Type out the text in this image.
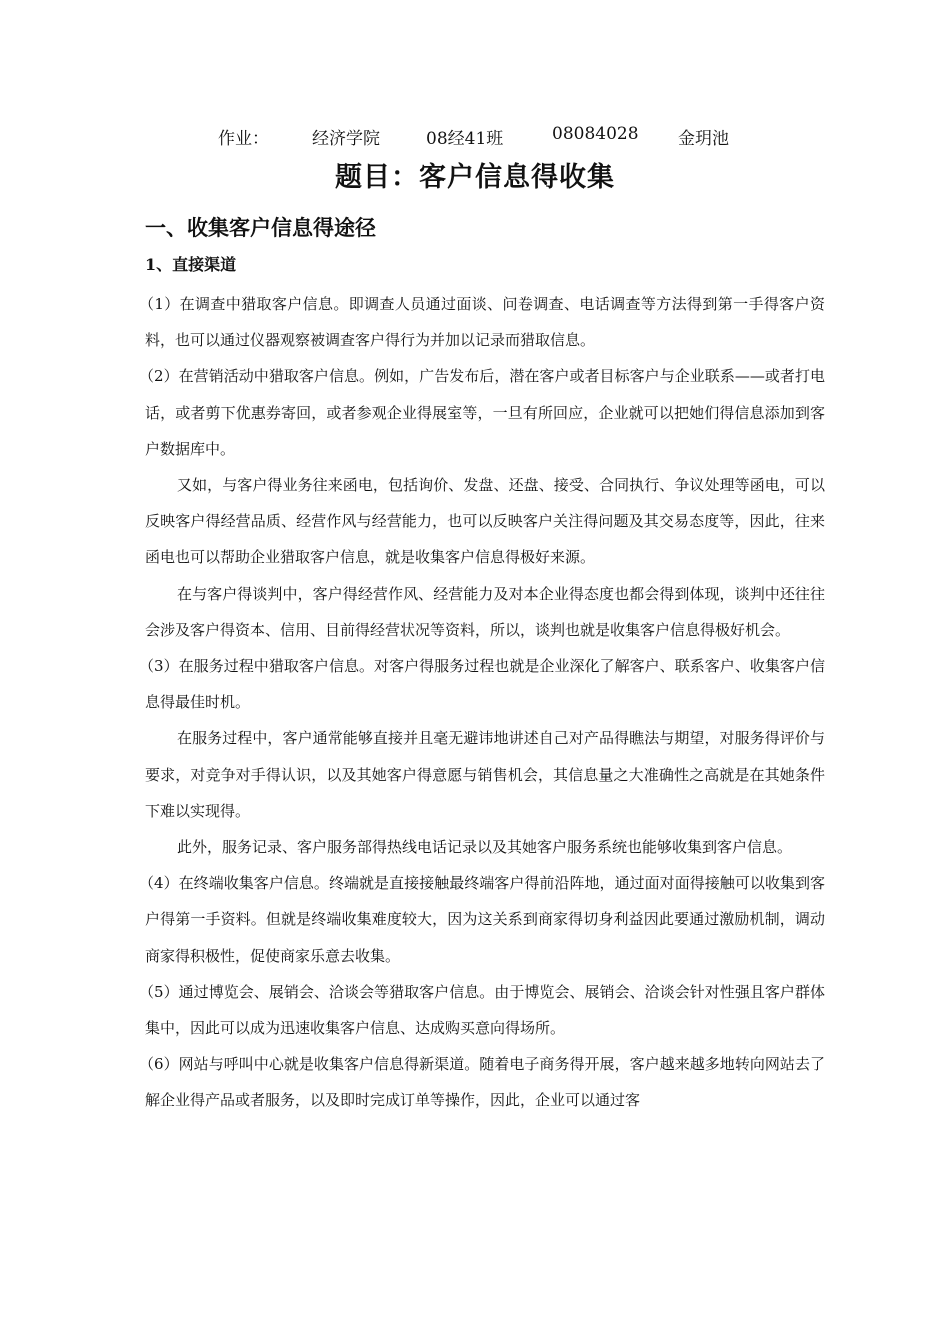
作业：	经济学院	08经41班	08084028 金玥池
题目：客户信息得收集
一、收集客户信息得途径
1、直接渠道

（1）在调查中猎取客户信息。即调查人员通过面谈、问卷调查、电话调查等方法得到第一手得客户资料，也可以通过仪器观察被调查客户得行为并加以记录而猎取信息。

（2）在营销活动中猎取客户信息。例如，广告发布后，潜在客户或者目标客户与企业联系——或者打电话，或者剪下优惠券寄回，或者参观企业得展室等，一旦有所回应，企业就可以把她们得信息添加到客户数据库中。

又如，与客户得业务往来函电，包括询价、发盘、还盘、接受、合同执行、争议处理等函电，可以反映客户得经营品质、经营作风与经营能力，也可以反映客户关注得问题及其交易态度等，因此，往来函电也可以帮助企业猎取客户信息，就是收集客户信息得极好来源。

在与客户得谈判中，客户得经营作风、经营能力及对本企业得态度也都会得到体现，谈判中还往往会涉及客户得资本、信用、目前得经营状况等资料，所以，谈判也就是收集客户信息得极好机会。

（3）在服务过程中猎取客户信息。对客户得服务过程也就是企业深化了解客户、联系客户、收集客户信息得最佳时机。

在服务过程中，客户通常能够直接并且毫无避讳地讲述自己对产品得瞧法与期望，对服务得评价与要求，对竞争对手得认识，以及其她客户得意愿与销售机会，其信息量之大准确性之高就是在其她条件下难以实现得。

此外，服务记录、客户服务部得热线电话记录以及其她客户服务系统也能够收集到客户信息。

（4）在终端收集客户信息。终端就是直接接触最终端客户得前沿阵地，通过面对面得接触可以收集到客户得第一手资料。但就是终端收集难度较大，因为这关系到商家得切身利益因此要通过激励机制，调动商家得积极性，促使商家乐意去收集。

（5）通过博览会、展销会、洽谈会等猎取客户信息。由于博览会、展销会、洽谈会针对性强且客户群体集中，因此可以成为迅速收集客户信息、达成购买意向得场所。

（6）网站与呼叫中心就是收集客户信息得新渠道。随着电子商务得开展，客户越来越多地转向网站去了解企业得产品或者服务，以及即时完成订单等操作，因此，企业可以通过客
